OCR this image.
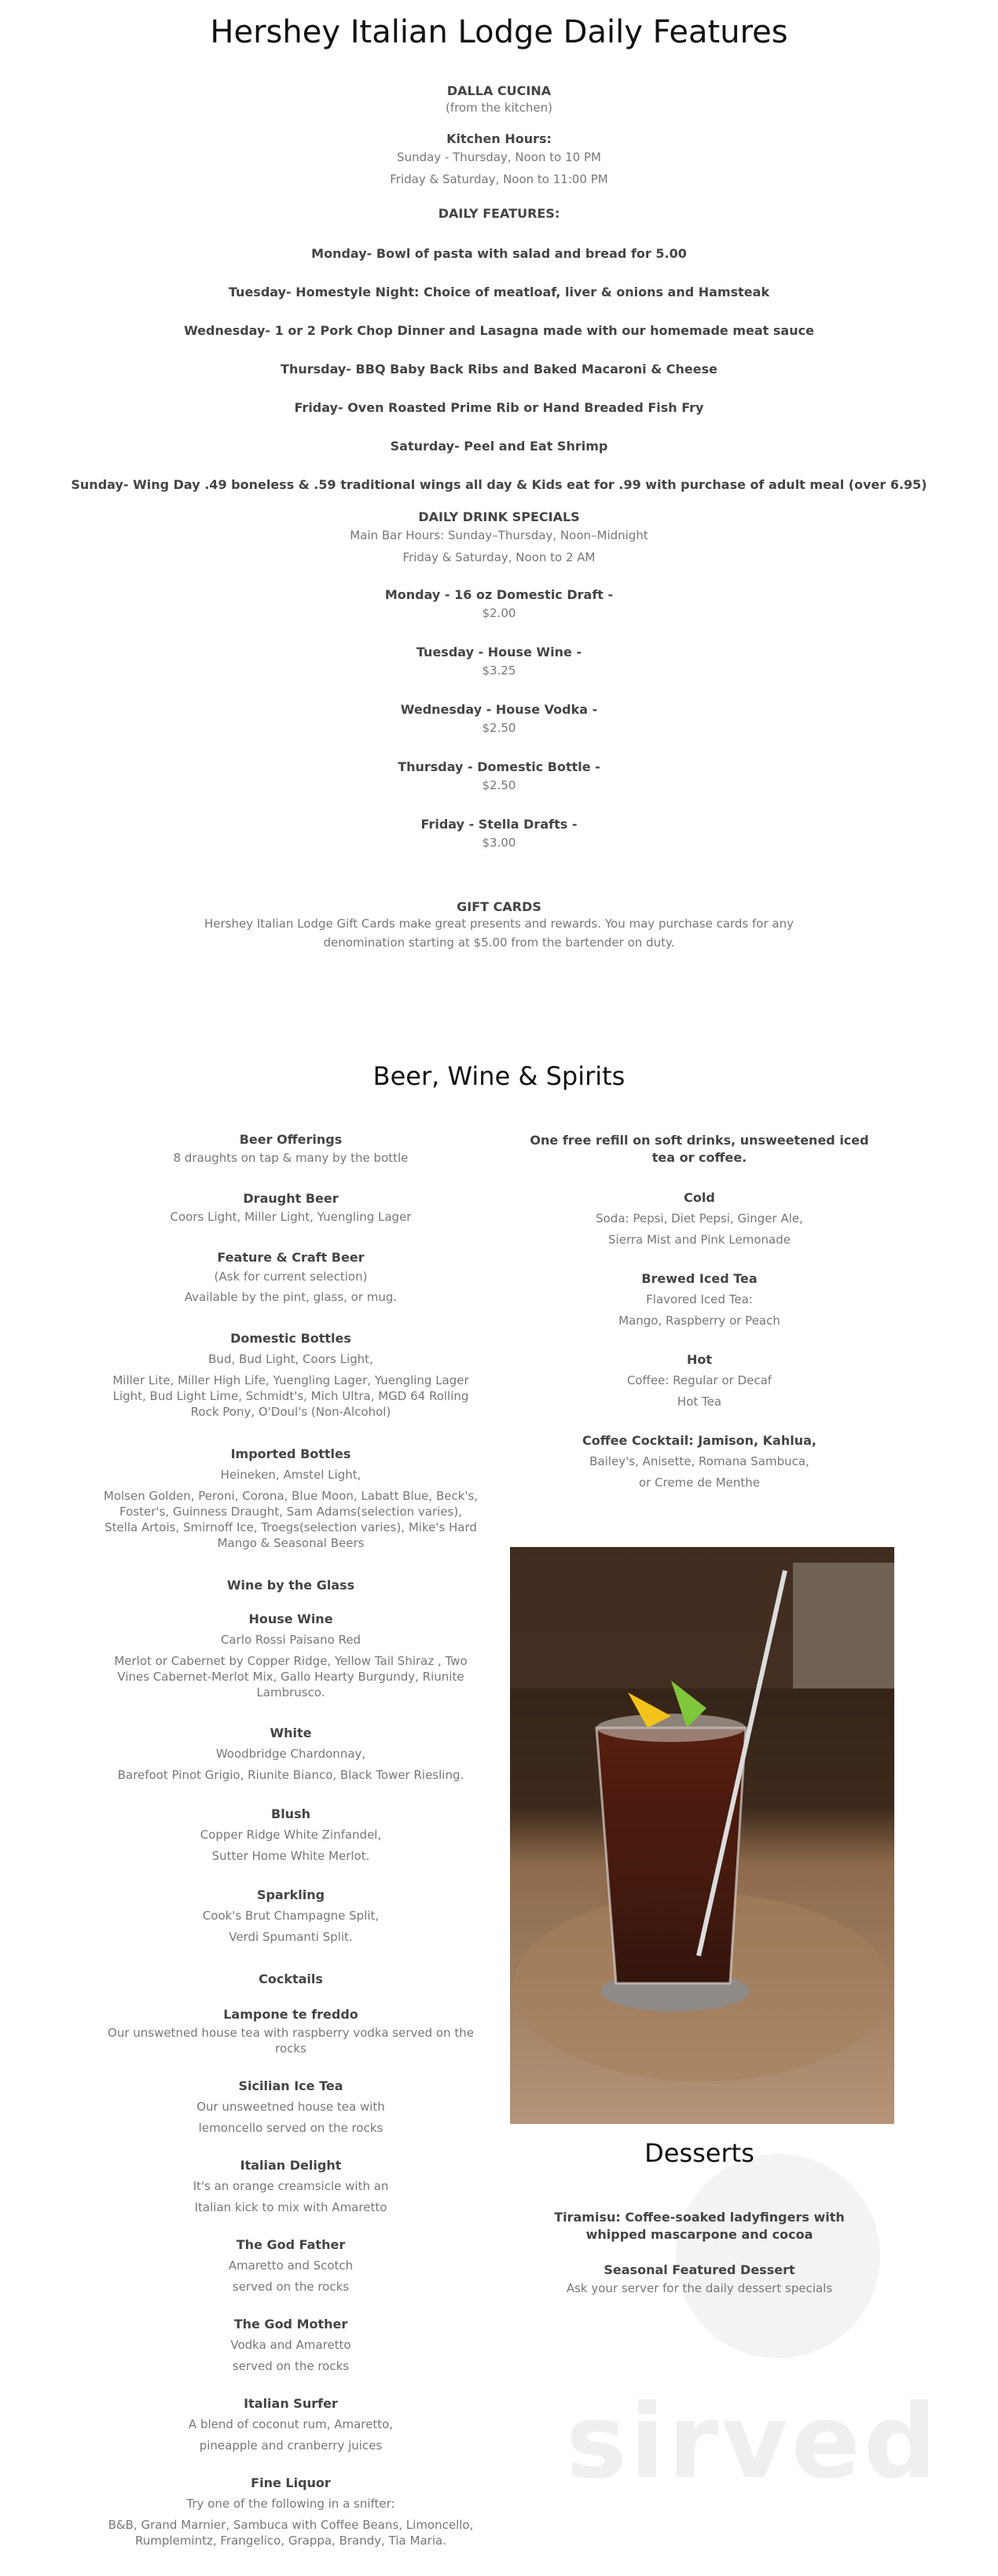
Hershey Italian Lodge Daily Features
DALLA CUCINA
(from the kitchen)
Kitchen Hours:
Sunday - Thursday, Noon to 10 PM
Friday & Saturday, Noon to 11:00 PM
DAILY FEATURES:
Monday- Bowl of pasta with salad and bread for 5.00
Tuesday- Homestyle Night: Choice of meatloaf, liver & onions and Hamsteak
Wednesday- 1 or 2 Pork Chop Dinner and Lasagna made with our homemade meat sauce
Thursday- BBQ Baby Back Ribs and Baked Macaroni & Cheese
Friday- Oven Roasted Prime Rib or Hand Breaded Fish Fry
Saturday- Peel and Eat Shrimp
Sunday- Wing Day .49 boneless & .59 traditional wings all day & Kids eat for .99 with purchase of adult meal (over 6.95)
DAILY DRINK SPECIALS
Main Bar Hours: Sunday–Thursday, Noon–Midnight
Friday & Saturday, Noon to 2 AM
Monday - 16 oz Domestic Draft -
$2.00
Tuesday - House Wine -
$3.25
Wednesday - House Vodka -
$2.50
Thursday - Domestic Bottle -
$2.50
Friday - Stella Drafts -
$3.00
GIFT CARDS
Hershey Italian Lodge Gift Cards make great presents and rewards. You may purchase cards for any denomination starting at $5.00 from the bartender on duty.
Beer, Wine & Spirits
Beer Offerings
8 draughts on tap & many by the bottle
Draught Beer
Coors Light, Miller Light, Yuengling Lager
Feature & Craft Beer
(Ask for current selection)
Available by the pint, glass, or mug.
Domestic Bottles
Bud, Bud Light, Coors Light,
Miller Lite, Miller High Life, Yuengling Lager, Yuengling Lager Light, Bud Light Lime, Schmidt's, Mich Ultra, MGD 64 Rolling Rock Pony, O'Doul's (Non-Alcohol)
Imported Bottles
Heineken, Amstel Light,
Molsen Golden, Peroni, Corona, Blue Moon, Labatt Blue, Beck's, Foster's, Guinness Draught, Sam Adams(selection varies), Stella Artois, Smirnoff Ice, Troegs(selection varies), Mike's Hard Mango & Seasonal Beers
Wine by the Glass
House Wine
Carlo Rossi Paisano Red
Merlot or Cabernet by Copper Ridge, Yellow Tail Shiraz , Two Vines Cabernet-Merlot Mix, Gallo Hearty Burgundy, Riunite Lambrusco.
White
Woodbridge Chardonnay,
Barefoot Pinot Grigio, Riunite Bianco, Black Tower Riesling.
Blush
Copper Ridge White Zinfandel,
Sutter Home White Merlot.
Sparkling
Cook's Brut Champagne Split,
Verdi Spumanti Split.
Cocktails
Lampone te freddo
Our unswetned house tea with raspberry vodka served on the rocks
Sicilian Ice Tea
Our unsweetned house tea with
lemoncello served on the rocks
Italian Delight
It's an orange creamsicle with an
Italian kick to mix with Amaretto
The God Father
Amaretto and Scotch
served on the rocks
The God Mother
Vodka and Amaretto
served on the rocks
Italian Surfer
A blend of coconut rum, Amaretto,
pineapple and cranberry juices
Fine Liquor
Try one of the following in a snifter:
B&B, Grand Marnier, Sambuca with Coffee Beans, Limoncello, Rumplemintz, Frangelico, Grappa, Brandy, Tia Maria.
One free refill on soft drinks, unsweetened iced tea or coffee.
Cold
Soda: Pepsi, Diet Pepsi, Ginger Ale,
Sierra Mist and Pink Lemonade
Brewed Iced Tea
Flavored Iced Tea:
Mango, Raspberry or Peach
Hot
Coffee: Regular or Decaf
Hot Tea
Coffee Cocktail: Jamison, Kahlua,
Bailey's, Anisette, Romana Sambuca,
or Creme de Menthe
Desserts
Tiramisu: Coffee-soaked ladyfingers with whipped mascarpone and cocoa
Seasonal Featured Dessert
Ask your server for the daily dessert specials
sirved
